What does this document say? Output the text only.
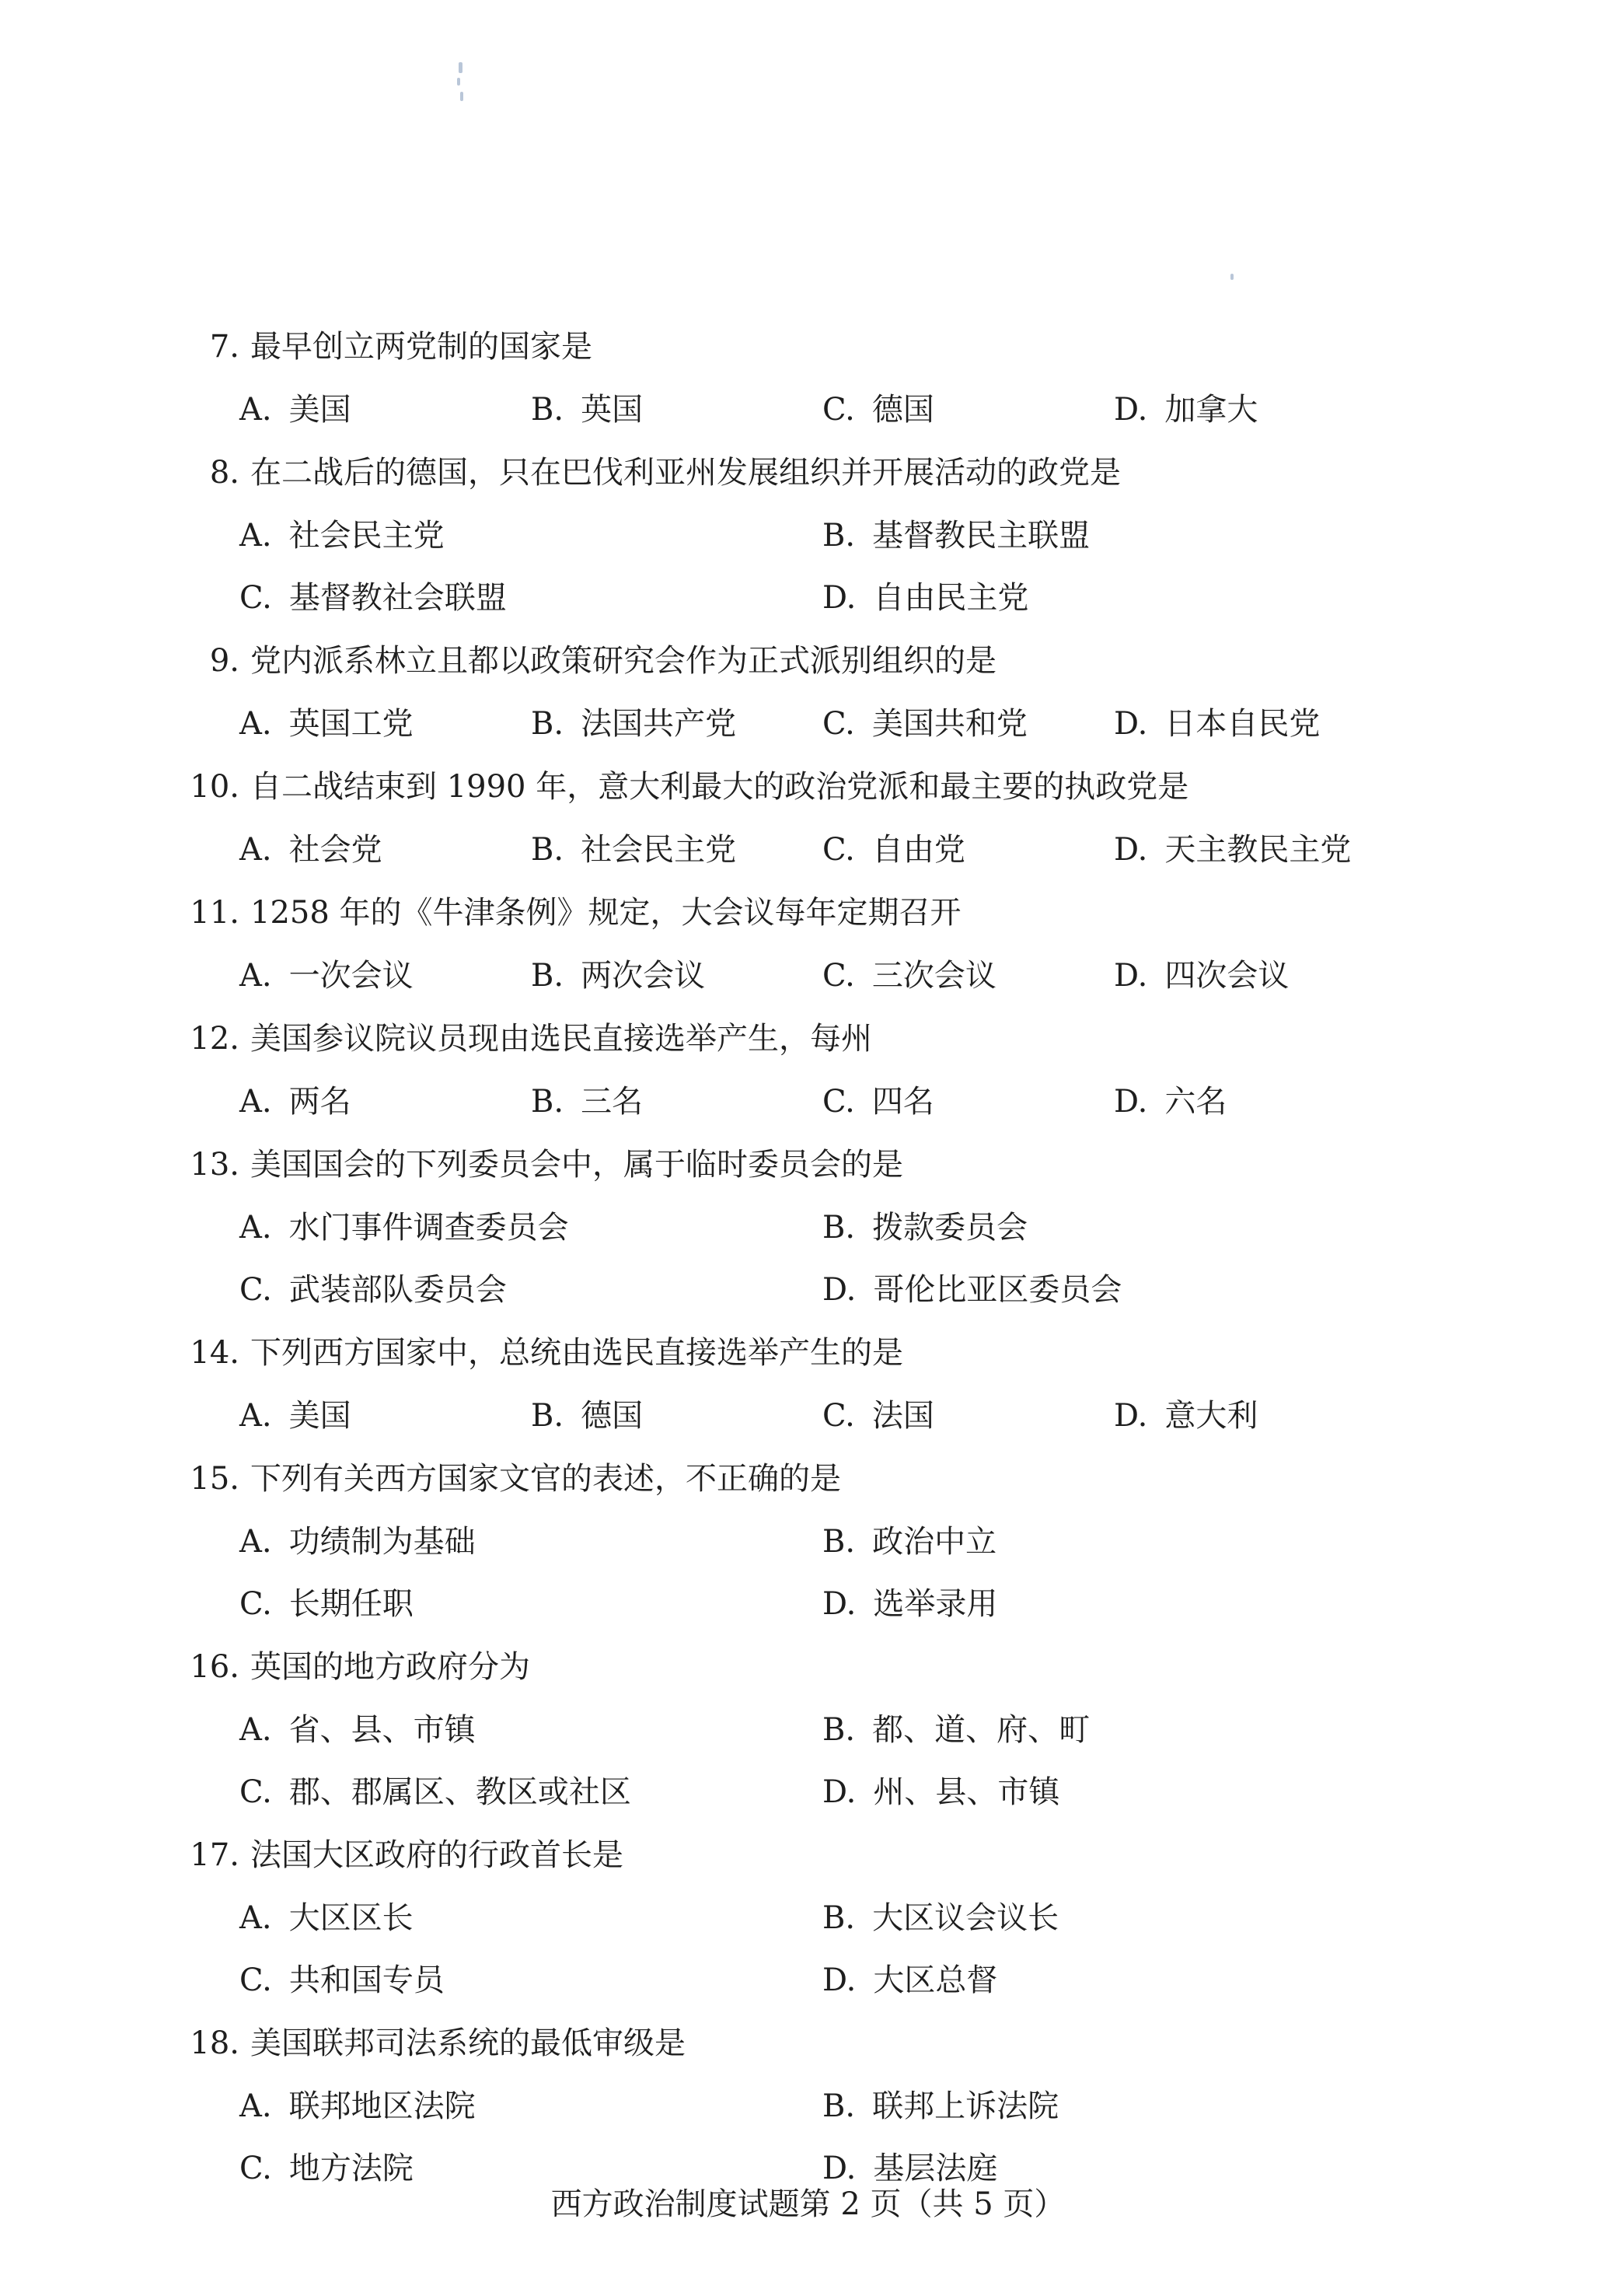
7. 最早创立两党制的国家是
A. 美国	B. 英国	C. 德国	D. 加拿大
8. 在二战后的德国，只在巴伐利亚州发展组织并开展活动的政党是
A. 社会民主党	B. 基督教民主联盟
C. 基督教社会联盟	D. 自由民主党
9. 党内派系林立且都以政策研究会作为正式派别组织的是
A. 英国工党	B. 法国共产党	C. 美国共和党	D. 日本自民党
10. 自二战结束到 1990 年，意大利最大的政治党派和最主要的执政党是
A. 社会党	B. 社会民主党	C. 自由党	D. 天主教民主党
11. 1258 年的《牛津条例》规定，大会议每年定期召开
A. 一次会议	B. 两次会议	C. 三次会议	D. 四次会议
12. 美国参议院议员现由选民直接选举产生，每州
A. 两名	B. 三名	C. 四名	D. 六名
13. 美国国会的下列委员会中，属于临时委员会的是
A. 水门事件调查委员会	B. 拨款委员会
C. 武装部队委员会	D. 哥伦比亚区委员会
14. 下列西方国家中，总统由选民直接选举产生的是
A. 美国	B. 德国	C. 法国	D. 意大利
15. 下列有关西方国家文官的表述，不正确的是
A. 功绩制为基础	B. 政治中立
C. 长期任职	D. 选举录用
16. 英国的地方政府分为
A. 省、县、市镇	B. 都、道、府、町
C. 郡、郡属区、教区或社区	D. 州、县、市镇
17. 法国大区政府的行政首长是
A. 大区区长	B. 大区议会议长
C. 共和国专员	D. 大区总督
18. 美国联邦司法系统的最低审级是
A. 联邦地区法院	B. 联邦上诉法院
C. 地方法院	D. 基层法庭
西方政治制度试题第 2 页（共 5 页）
